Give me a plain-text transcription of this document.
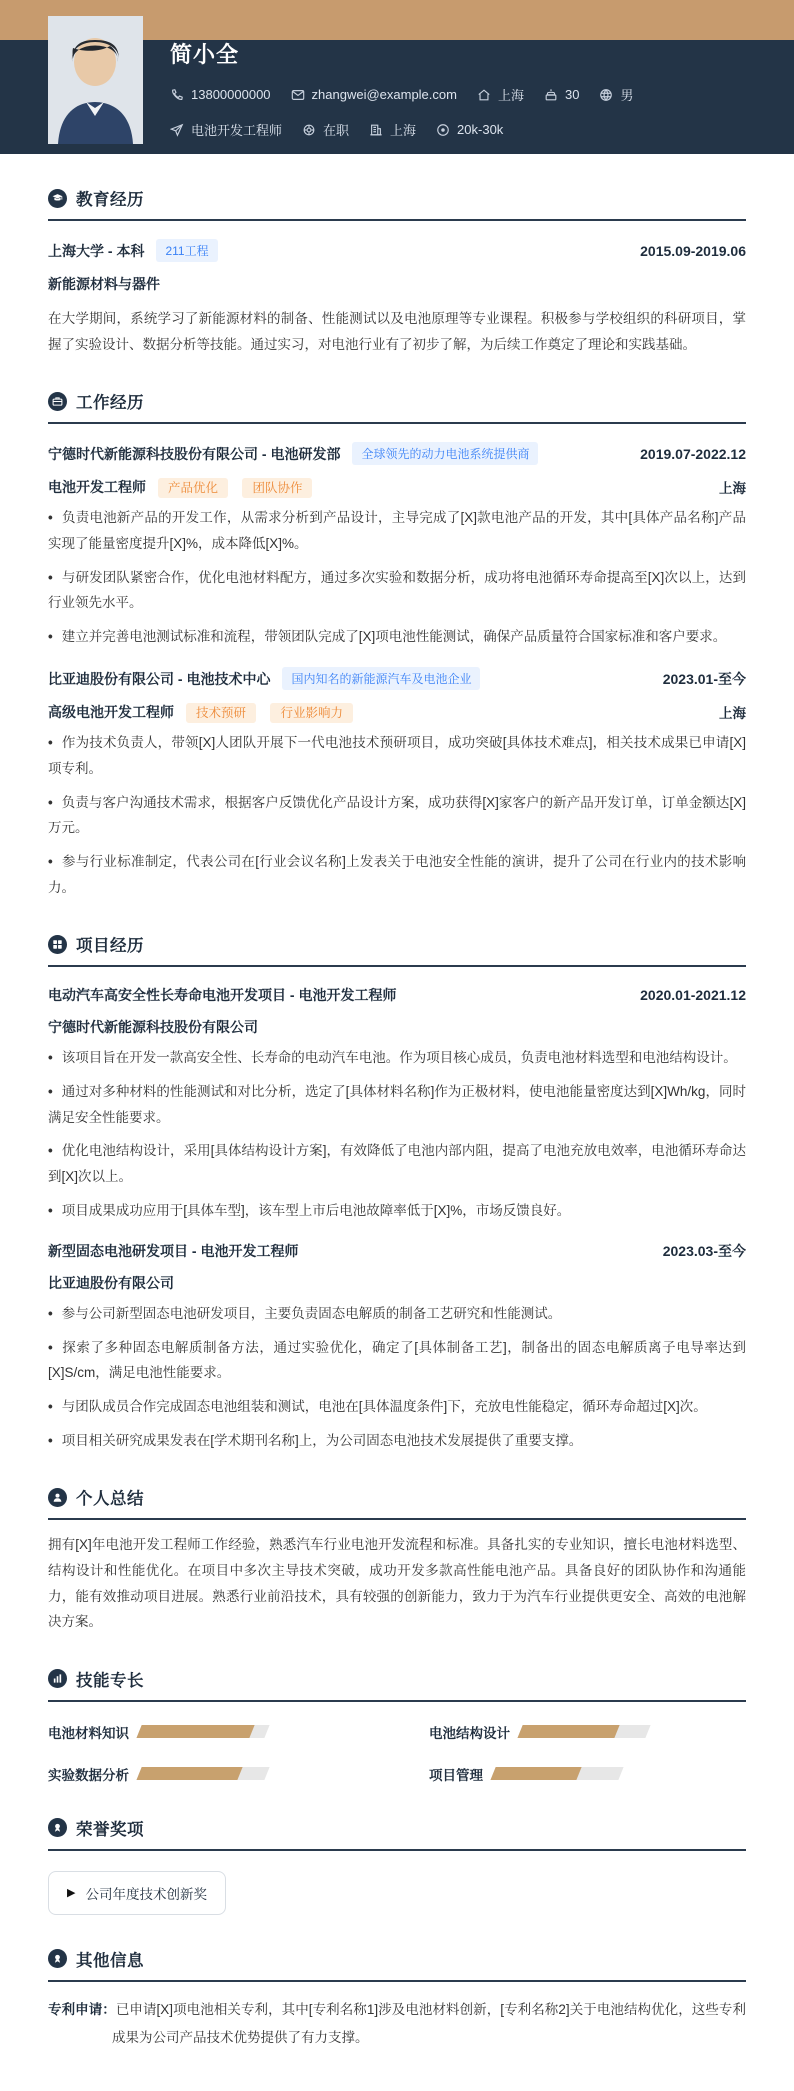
简小全
13800000000	zhangwei@example.com	上海	30	男
电池开发工程师	在职	上海	20k-30k
教育经历
上海大学 - 本科	211工程	2015.09-2019.06
新能源材料与器件
在大学期间，系统学习了新能源材料的制备、性能测试以及电池原理等专业课程。积极参与学校组织的科研项目，掌握了实验设计、数据分析等技能。通过实习，对电池行业有了初步了解，为后续工作奠定了理论和实践基础。
工作经历
宁德时代新能源科技股份有限公司 - 电池研发部	全球领先的动力电池系统提供商	2019.07-2022.12
电池开发工程师	产品优化	团队协作	上海
• 负责电池新产品的开发工作，从需求分析到产品设计，主导完成了[X]款电池产品的开发，其中[具体产品名称]产品实现了能量密度提升[X]%，成本降低[X]%。
• 与研发团队紧密合作，优化电池材料配方，通过多次实验和数据分析，成功将电池循环寿命提高至[X]次以上，达到行业领先水平。
• 建立并完善电池测试标准和流程，带领团队完成了[X]项电池性能测试，确保产品质量符合国家标准和客户要求。
比亚迪股份有限公司 - 电池技术中心	国内知名的新能源汽车及电池企业	2023.01-至今
高级电池开发工程师	技术预研	行业影响力	上海
• 作为技术负责人，带领[X]人团队开展下一代电池技术预研项目，成功突破[具体技术难点]，相关技术成果已申请[X]项专利。
• 负责与客户沟通技术需求，根据客户反馈优化产品设计方案，成功获得[X]家客户的新产品开发订单，订单金额达[X]万元。
• 参与行业标准制定，代表公司在[行业会议名称]上发表关于电池安全性能的演讲，提升了公司在行业内的技术影响力。
项目经历
电动汽车高安全性长寿命电池开发项目 - 电池开发工程师	2020.01-2021.12
宁德时代新能源科技股份有限公司
• 该项目旨在开发一款高安全性、长寿命的电动汽车电池。作为项目核心成员，负责电池材料选型和电池结构设计。
• 通过对多种材料的性能测试和对比分析，选定了[具体材料名称]作为正极材料，使电池能量密度达到[X]Wh/kg，同时满足安全性能要求。
• 优化电池结构设计，采用[具体结构设计方案]，有效降低了电池内部内阻，提高了电池充放电效率，电池循环寿命达到[X]次以上。
• 项目成果成功应用于[具体车型]，该车型上市后电池故障率低于[X]%，市场反馈良好。
新型固态电池研发项目 - 电池开发工程师	2023.03-至今
比亚迪股份有限公司
• 参与公司新型固态电池研发项目，主要负责固态电解质的制备工艺研究和性能测试。
• 探索了多种固态电解质制备方法，通过实验优化，确定了[具体制备工艺]，制备出的固态电解质离子电导率达到[X]S/cm，满足电池性能要求。
• 与团队成员合作完成固态电池组装和测试，电池在[具体温度条件]下，充放电性能稳定，循环寿命超过[X]次。
• 项目相关研究成果发表在[学术期刊名称]上，为公司固态电池技术发展提供了重要支撑。
个人总结
拥有[X]年电池开发工程师工作经验，熟悉汽车行业电池开发流程和标准。具备扎实的专业知识，擅长电池材料选型、结构设计和性能优化。在项目中多次主导技术突破，成功开发多款高性能电池产品。具备良好的团队协作和沟通能力，能有效推动项目进展。熟悉行业前沿技术，具有较强的创新能力，致力于为汽车行业提供更安全、高效的电池解决方案。
技能专长
电池材料知识	电池结构设计
实验数据分析	项目管理
荣誉奖项
▶ 公司年度技术创新奖
其他信息
专利申请：已申请[X]项电池相关专利，其中[专利名称1]涉及电池材料创新，[专利名称2]关于电池结构优化，这些专利成果为公司产品技术优势提供了有力支撑。
